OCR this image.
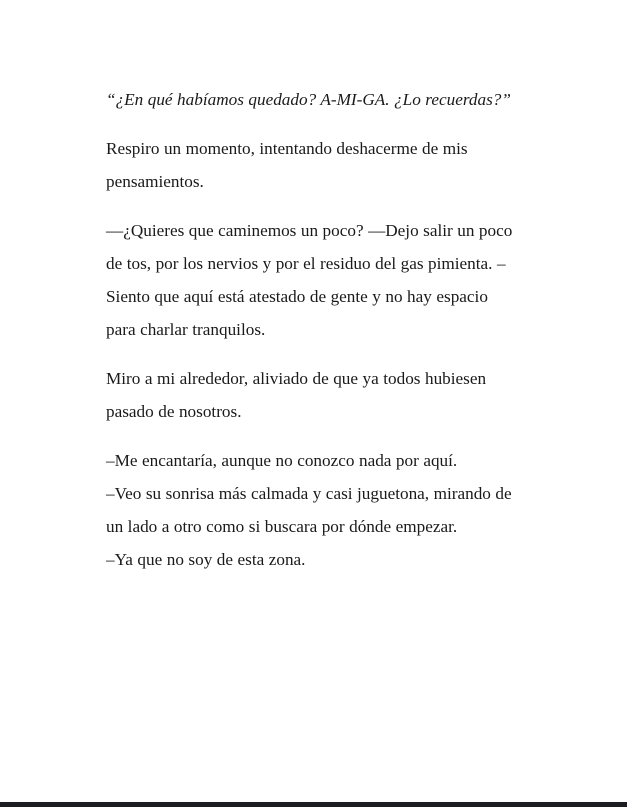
“¿En qué habíamos quedado? A-MI-GA. ¿Lo recuerdas?”

Respiro un momento, intentando deshacerme de mis pensamientos.

—¿Quieres que caminemos un poco? —Dejo salir un poco de tos, por los nervios y por el residuo del gas pimienta. ‒Siento que aquí está atestado de gente y no hay espacio para charlar tranquilos.

Miro a mi alrededor, aliviado de que ya todos hubiesen pasado de nosotros.

‒Me encantaría, aunque no conozco nada por aquí.

‒Veo su sonrisa más calmada y casi juguetona, mirando de un lado a otro como si buscara por dónde empezar.

‒Ya que no soy de esta zona.
